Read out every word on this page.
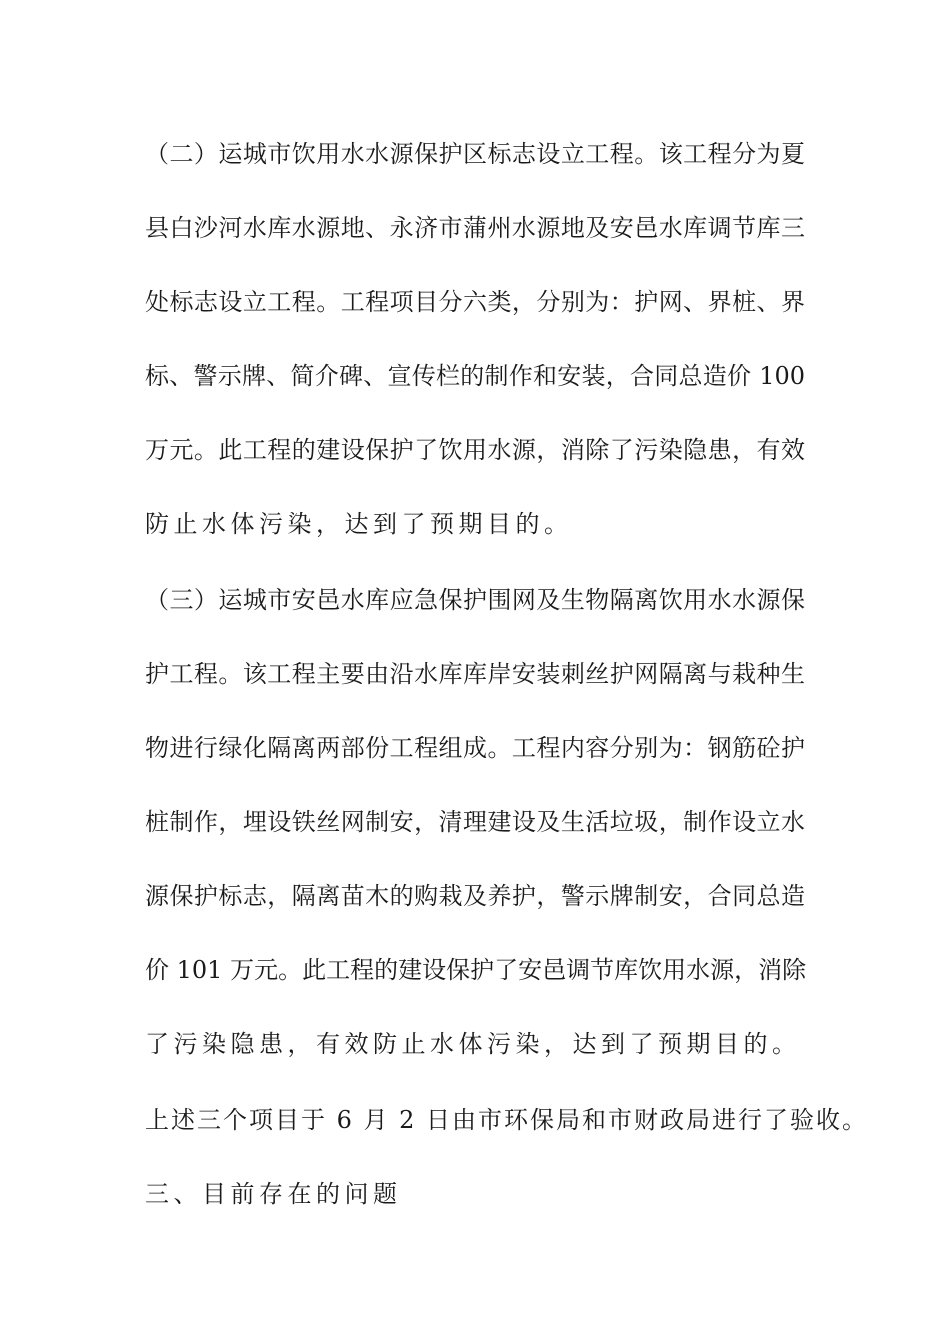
（二）运城市饮用水水源保护区标志设立工程。该工程分为夏
县白沙河水库水源地、永济市蒲州水源地及安邑水库调节库三
处标志设立工程。工程项目分六类，分别为：护网、界桩、界
标、警示牌、简介碑、宣传栏的制作和安装，合同总造价 100
万元。此工程的建设保护了饮用水源，消除了污染隐患，有效
防止水体污染，达到了预期目的。
（三）运城市安邑水库应急保护围网及生物隔离饮用水水源保
护工程。该工程主要由沿水库库岸安装刺丝护网隔离与栽种生
物进行绿化隔离两部份工程组成。工程内容分别为：钢筋砼护
桩制作，埋设铁丝网制安，清理建设及生活垃圾，制作设立水
源保护标志，隔离苗木的购栽及养护，警示牌制安，合同总造
价 101 万元。此工程的建设保护了安邑调节库饮用水源，消除
了污染隐患，有效防止水体污染，达到了预期目的。
上述三个项目于 6 月 2 日由市环保局和市财政局进行了验收。
三、目前存在的问题
